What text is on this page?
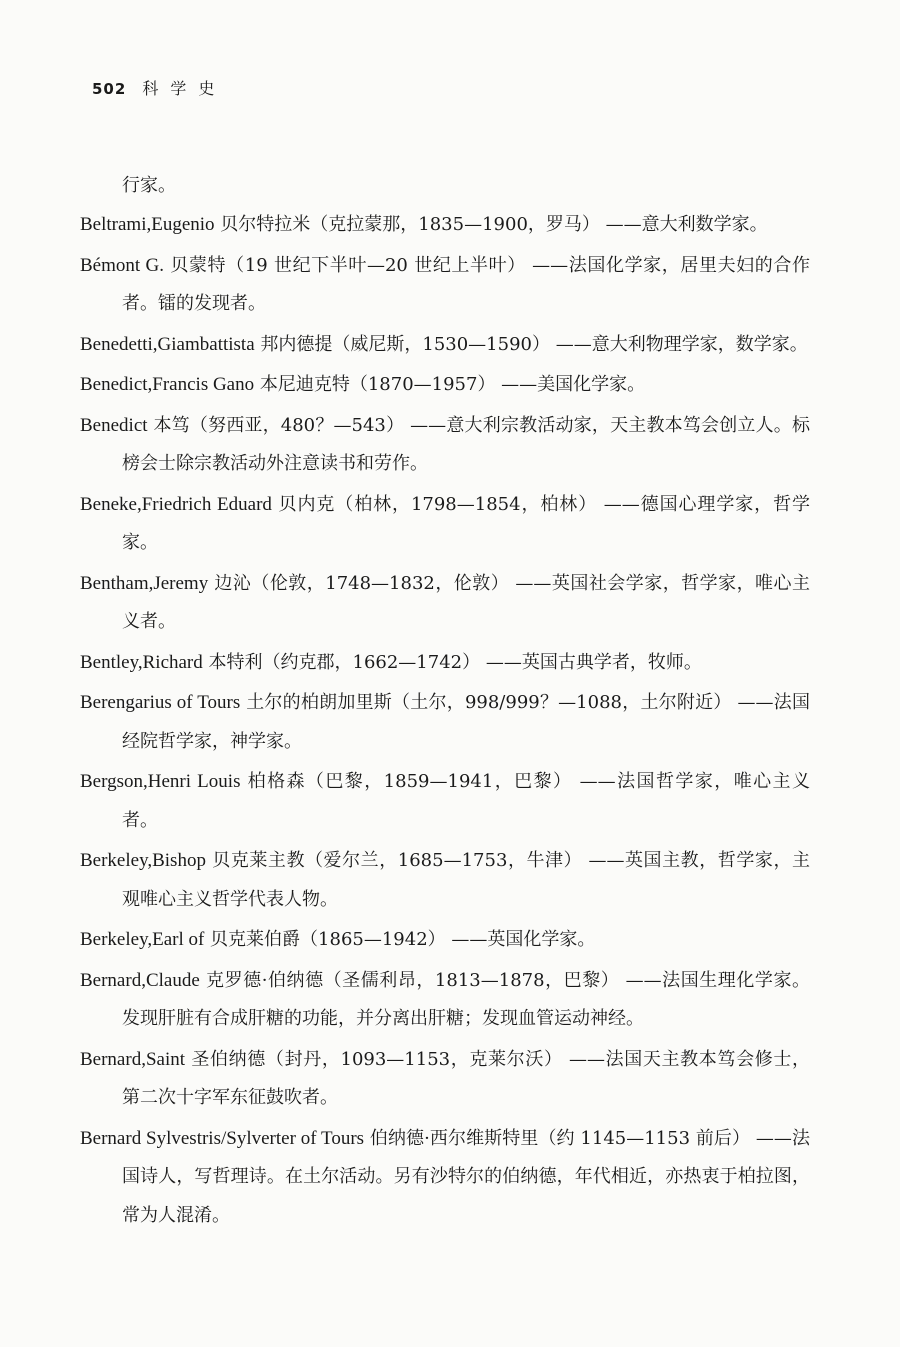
502 科学史
行家。
Beltrami,Eugenio 贝尔特拉米（克拉蒙那，1835—1900，罗马） ——意大利数学家。
Bémont G. 贝蒙特（19 世纪下半叶—20 世纪上半叶） ——法国化学家，居里夫妇的合作者。镭的发现者。
Benedetti,Giambattista 邦内德提（威尼斯，1530—1590） ——意大利物理学家，数学家。
Benedict,Francis Gano 本尼迪克特（1870—1957） ——美国化学家。
Benedict 本笃（努西亚，480？—543） ——意大利宗教活动家，天主教本笃会创立人。标榜会士除宗教活动外注意读书和劳作。
Beneke,Friedrich Eduard 贝内克（柏林，1798—1854，柏林） ——德国心理学家，哲学家。
Bentham,Jeremy 边沁（伦敦，1748—1832，伦敦） ——英国社会学家，哲学家，唯心主义者。
Bentley,Richard 本特利（约克郡，1662—1742） ——英国古典学者，牧师。
Berengarius of Tours 土尔的柏朗加里斯（土尔，998/999？—1088，土尔附近） ——法国经院哲学家，神学家。
Bergson,Henri Louis 柏格森（巴黎，1859—1941，巴黎） ——法国哲学家，唯心主义者。
Berkeley,Bishop 贝克莱主教（爱尔兰，1685—1753，牛津） ——英国主教，哲学家，主观唯心主义哲学代表人物。
Berkeley,Earl of 贝克莱伯爵（1865—1942） ——英国化学家。
Bernard,Claude 克罗德·伯纳德（圣儒利昂，1813—1878，巴黎） ——法国生理化学家。发现肝脏有合成肝糖的功能，并分离出肝糖；发现血管运动神经。
Bernard,Saint 圣伯纳德（封丹，1093—1153，克莱尔沃） ——法国天主教本笃会修士，第二次十字军东征鼓吹者。
Bernard Sylvestris/Sylverter of Tours 伯纳德·西尔维斯特里（约 1145—1153 前后） ——法国诗人，写哲理诗。在土尔活动。另有沙特尔的伯纳德，年代相近，亦热衷于柏拉图，常为人混淆。
